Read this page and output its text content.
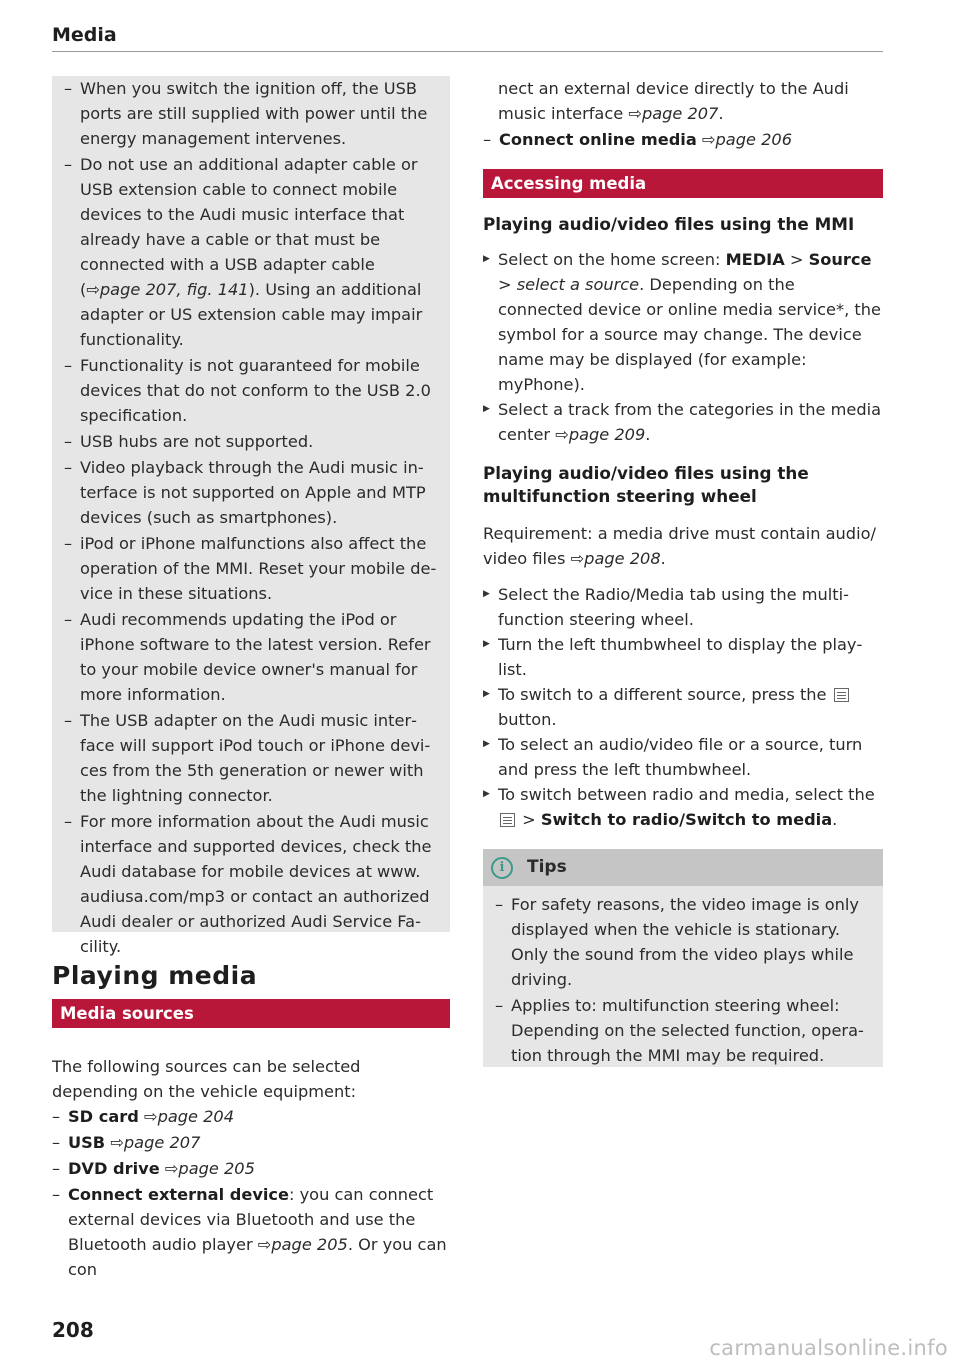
Media
– When you switch the ignition off, the USB ports are still supplied with power until the energy management intervenes.
– Do not use an additional adapter cable or USB extension cable to connect mobile devices to the Audi music interface that already have a cable or that must be connected with a USB adapter cable (⇨page 207, fig. 141). Using an additional adapter or US extension cable may impair functionality.
– Functionality is not guaranteed for mobile devices that do not conform to the USB 2.0 specification.
– USB hubs are not supported.
– Video playback through the Audi music interface is not supported on Apple and MTP devices (such as smartphones).
– iPod or iPhone malfunctions also affect the operation of the MMI. Reset your mobile device in these situations.
– Audi recommends updating the iPod or iPhone software to the latest version. Refer to your mobile device owner's manual for more information.
– The USB adapter on the Audi music interface will support iPod touch or iPhone devices from the 5th generation or newer with the lightning connector.
– For more information about the Audi music interface and supported devices, check the Audi database for mobile devices at www. audiusa.com/mp3 or contact an authorized Audi dealer or authorized Audi Service Facility.
Playing media
Media sources

The following sources can be selected depending on the vehicle equipment:

– SD card ⇨page 204
– USB ⇨page 207
– DVD drive ⇨page 205
– Connect external device: you can connect external devices via Bluetooth and use the Bluetooth audio player ⇨page 205. Or you can con

nect an external device directly to the Audi music interface ⇨page 207.

– Connect online media ⇨page 206
Accessing media
Playing audio/video files using the MMI
▶ Select on the home screen: MEDIA > Source > select a source. Depending on the connected device or online media service*, the symbol for a source may change. The device name may be displayed (for example: myPhone).
▶ Select a track from the categories in the media center ⇨page 209.
Playing audio/video files using the multifunction steering wheel

Requirement: a media drive must contain audio/ video files ⇨page 208.

▶ Select the Radio/Media tab using the multifunction steering wheel.
▶ Turn the left thumbwheel to display the playlist.
▶ To switch to a different source, press the  button.
▶ To select an audio/video file or a source, turn and press the left thumbwheel.
▶ To switch between radio and media, select the
> Switch to radio/Switch to media.
i	Tips
– For safety reasons, the video image is only displayed when the vehicle is stationary. Only the sound from the video plays while driving.
– Applies to: multifunction steering wheel: Depending on the selected function, operation through the MMI may be required.
208
carmanualsonline.info
